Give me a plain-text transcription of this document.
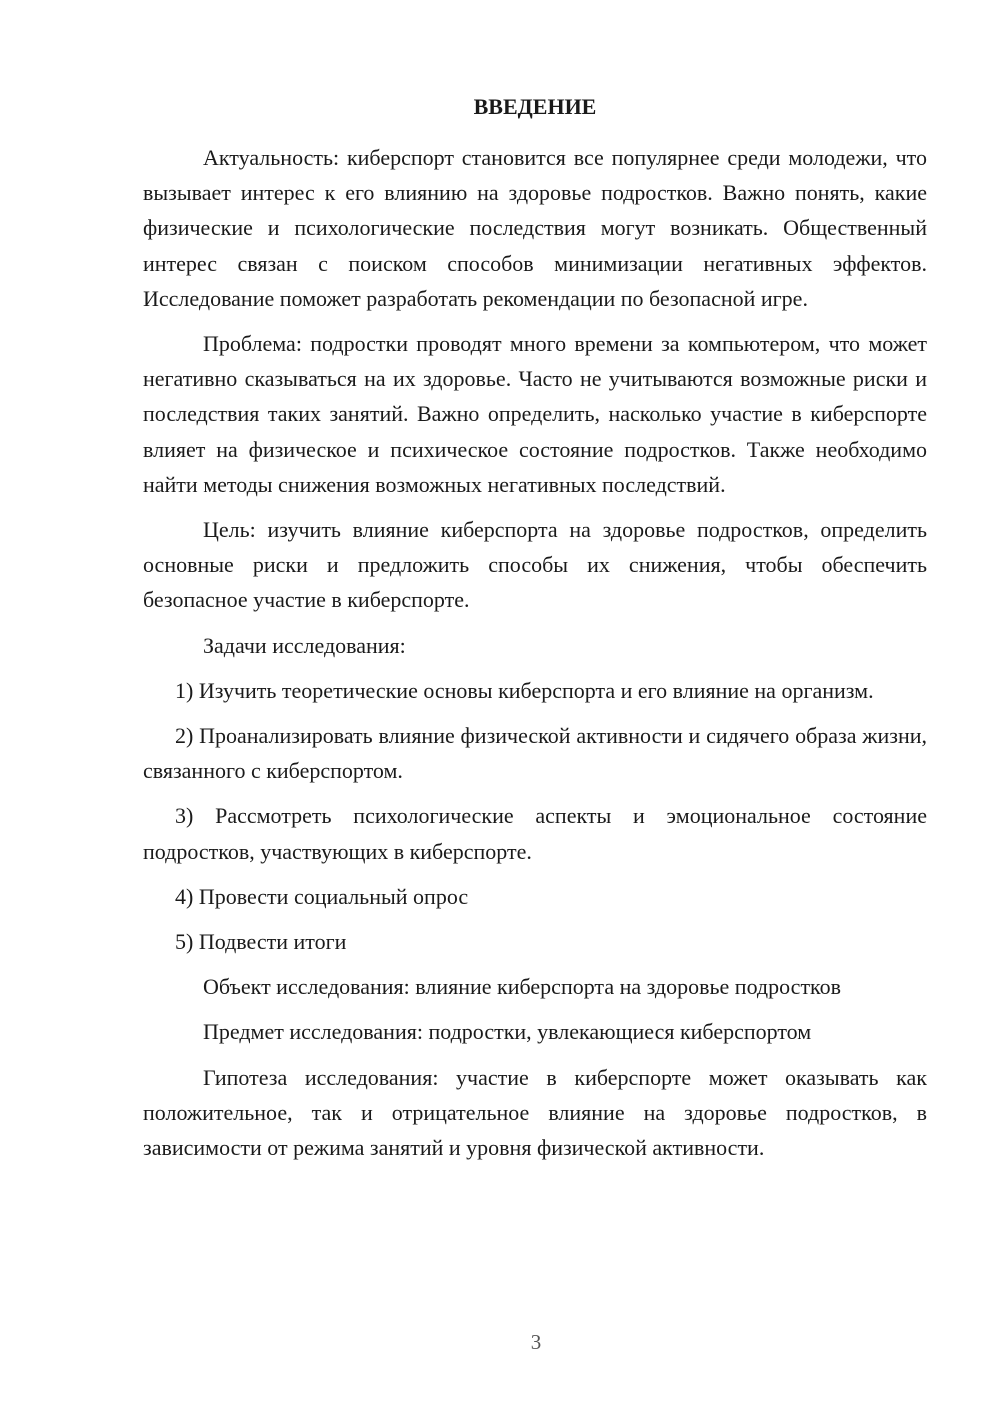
ВВЕДЕНИЕ

Актуальность: киберспорт становится все популярнее среди молодежи, что вызывает интерес к его влиянию на здоровье подростков. Важно понять, какие физические и психологические последствия могут возникать. Общественный интерес связан с поиском способов минимизации негативных эффектов. Исследование поможет разработать рекомендации по безопасной игре.

Проблема: подростки проводят много времени за компьютером, что может негативно сказываться на их здоровье. Часто не учитываются возможные риски и последствия таких занятий. Важно определить, насколько участие в киберспорте влияет на физическое и психическое состояние подростков. Также необходимо найти методы снижения возможных негативных последствий.

Цель: изучить влияние киберспорта на здоровье подростков, определить основные риски и предложить способы их снижения, чтобы обеспечить безопасное участие в киберспорте.

Задачи исследования:

1) Изучить теоретические основы киберспорта и его влияние на организм.

2) Проанализировать влияние физической активности и сидячего образа жизни, связанного с киберспортом.

3) Рассмотреть психологические аспекты и эмоциональное состояние подростков, участвующих в киберспорте.

4) Провести социальный опрос

5) Подвести итоги

Объект исследования: влияние киберспорта на здоровье подростков

Предмет исследования: подростки, увлекающиеся киберспортом

Гипотеза исследования: участие в киберспорте может оказывать как положительное, так и отрицательное влияние на здоровье подростков, в зависимости от режима занятий и уровня физической активности.

3
